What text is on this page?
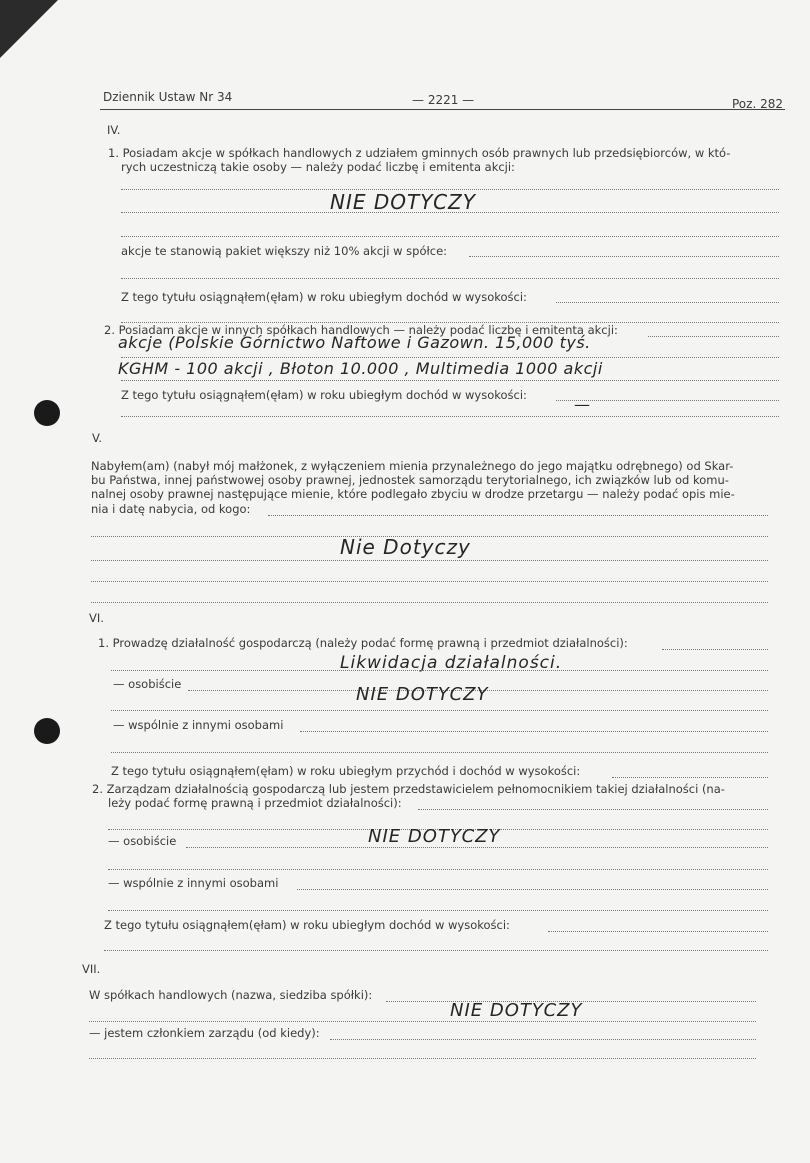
Dziennik Ustaw Nr 34	— 2221 —	Poz. 282
IV.
1. Posiadam akcje w spółkach handlowych z udziałem gminnych osób prawnych lub przedsiębiorców, w któ-
rych uczestniczą takie osoby — należy podać liczbę i emitenta akcji:
NIE DOTYCZY
akcje te stanowią pakiet większy niż 10% akcji w spółce:
Z tego tytułu osiągnąłem(ęłam) w roku ubiegłym dochód w wysokości:
2. Posiadam akcje w innych spółkach handlowych — należy podać liczbę i emitenta akcji:
akcje (Polskie Górnictwo Naftowe i Gazown. 15,000 tyś.
KGHM - 100 akcji , Błoton 10.000 , Multimedia 1000 akcji
Z tego tytułu osiągnąłem(ęłam) w roku ubiegłym dochód w wysokości:	—
V.
Nabyłem(am) (nabył mój małżonek, z wyłączeniem mienia przynależnego do jego majątku odrębnego) od Skar-
bu Państwa, innej państwowej osoby prawnej, jednostek samorządu terytorialnego, ich związków lub od komu-
nalnej osoby prawnej następujące mienie, które podlegało zbyciu w drodze przetargu — należy podać opis mie-
nia i datę nabycia, od kogo:
Nie Dotyczy
VI.
1. Prowadzę działalność gospodarczą (należy podać formę prawną i przedmiot działalności):
Likwidacja działalności.
— osobiście	NIE DOTYCZY
— wspólnie z innymi osobami
Z tego tytułu osiągnąłem(ęłam) w roku ubiegłym przychód i dochód w wysokości:
2. Zarządzam działalnością gospodarczą lub jestem przedstawicielem pełnomocnikiem takiej działalności (na-
leży podać formę prawną i przedmiot działalności):
— osobiście	NIE DOTYCZY
— wspólnie z innymi osobami
Z tego tytułu osiągnąłem(ęłam) w roku ubiegłym dochód w wysokości:
VII.
W spółkach handlowych (nazwa, siedziba spółki):
NIE DOTYCZY
— jestem członkiem zarządu (od kiedy):
